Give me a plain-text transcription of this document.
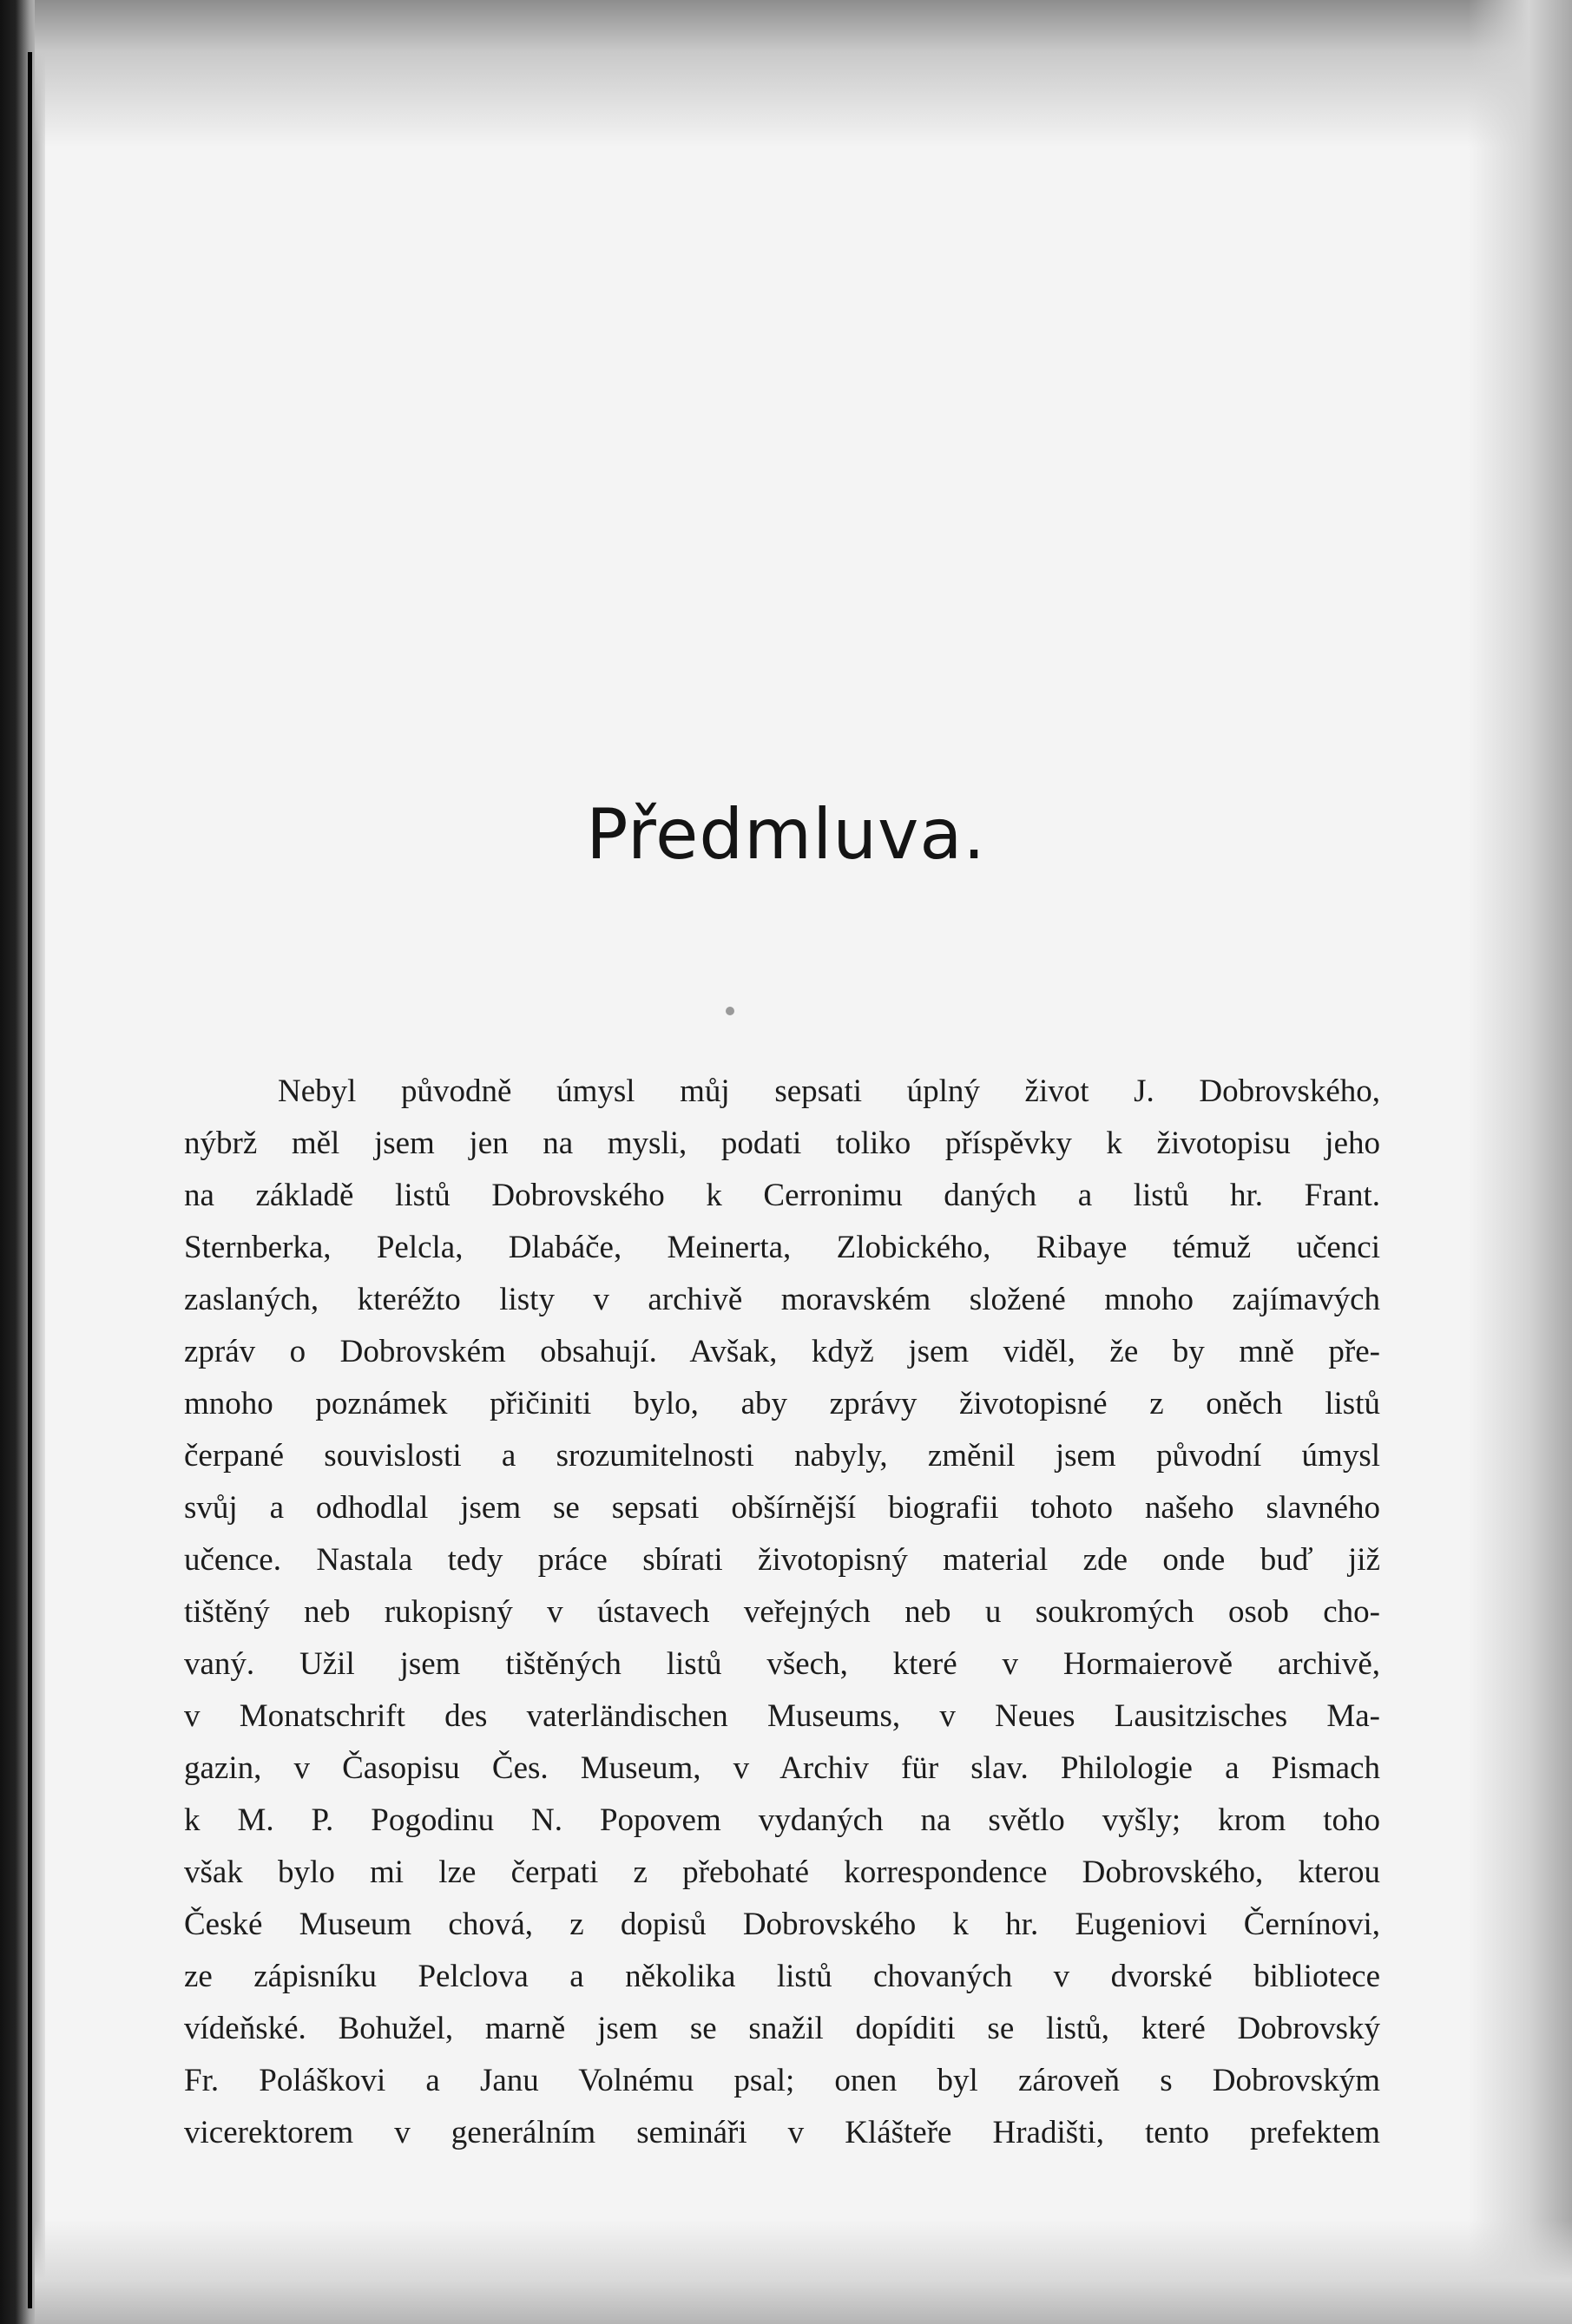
Předmluva.
Nebyl původně úmysl můj sepsati úplný život J. Dobrovského,
nýbrž měl jsem jen na mysli, podati toliko příspěvky k životopisu jeho
na základě listů Dobrovského k Cerronimu daných a listů hr. Frant.
Sternberka, Pelcla, Dlabáče, Meinerta, Zlobického, Ribaye témuž učenci
zaslaných, kteréžto listy v archivě moravském složené mnoho zajímavých
zpráv o Dobrovském obsahují. Avšak, když jsem viděl, že by mně pře-
mnoho poznámek přičiniti bylo, aby zprávy životopisné z oněch listů
čerpané souvislosti a srozumitelnosti nabyly, změnil jsem původní úmysl
svůj a odhodlal jsem se sepsati obšírnější biografii tohoto našeho slavného
učence. Nastala tedy práce sbírati životopisný material zde onde buď již
tištěný neb rukopisný v ústavech veřejných neb u soukromých osob cho-
vaný. Užil jsem tištěných listů všech, které v Hormaierově archivě,
v Monatschrift des vaterländischen Museums, v Neues Lausitzisches Ma-
gazin, v Časopisu Čes. Museum, v Archiv für slav. Philologie a Pismach
k M. P. Pogodinu N. Popovem vydaných na světlo vyšly; krom toho
však bylo mi lze čerpati z přebohaté korrespondence Dobrovského, kterou
České Museum chová, z dopisů Dobrovského k hr. Eugeniovi Černínovi,
ze zápisníku Pelclova a několika listů chovaných v dvorské bibliotece
vídeňské. Bohužel, marně jsem se snažil dopíditi se listů, které Dobrovský
Fr. Poláškovi a Janu Volnému psal; onen byl zároveň s Dobrovským
vicerektorem v generálním semináři v Klášteře Hradišti, tento prefektem
